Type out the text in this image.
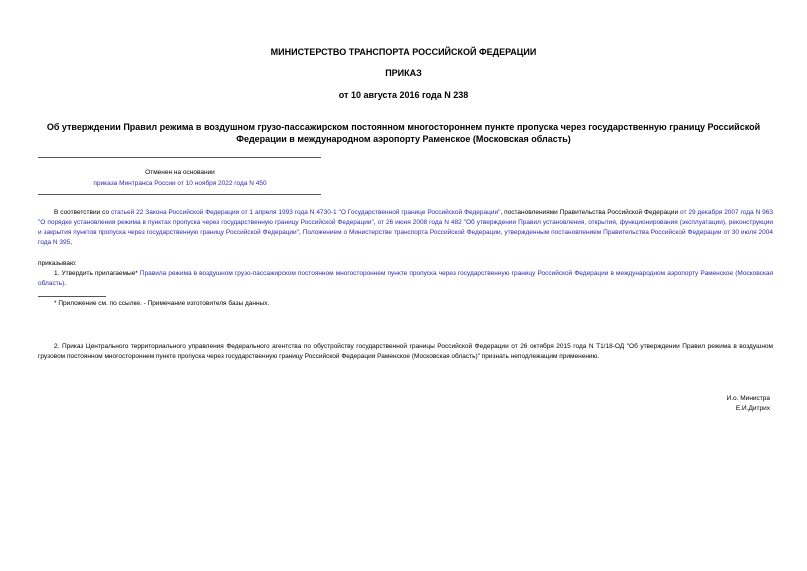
МИНИСТЕРСТВО ТРАНСПОРТА РОССИЙСКОЙ ФЕДЕРАЦИИ
ПРИКАЗ
от 10 августа 2016 года N 238
Об утверждении Правил режима в воздушном грузо-пассажирском постоянном многостороннем пункте пропуска через государственную границу Российской Федерации в международном аэропорту Раменское (Московская область)
Отменен на основании
приказа Минтранса России от 10 ноября 2022 года N 450
В соответствии со статьей 22 Закона Российской Федерации от 1 апреля 1993 года N 4730-1 "О Государственной границе Российской Федерации", постановлениями Правительства Российской Федерации от 29 декабря 2007 года N 963 "О порядке установления режима в пунктах пропуска через государственную границу Российской Федерации", от 26 июня 2008 года N 482 "Об утверждении Правил установления, открытия, функционирования (эксплуатации), реконструкции и закрытия пунктов пропуска через государственную границу Российской Федерации", Положением о Министерстве транспорта Российской Федерации, утвержденным постановлением Правительства Российской Федерации от 30 июля 2004 года N 395,
приказываю:
1. Утвердить прилагаемые* Правила режима в воздушном грузо-пассажирском постоянном многостороннем пункте пропуска через государственную границу Российской Федерации в международном аэропорту Раменское (Московская область).
* Приложение см. по ссылке. - Примечание изготовителя базы данных.
2. Приказ Центрального территориального управления Федерального агентства по обустройству государственной границы Российской Федерации от 26 октября 2015 года N Т1/18-ОД "Об утверждении Правил режима в воздушном грузовом постоянном многостороннем пункте пропуска через государственную границу Российской Федерации Раменское (Московская область)" признать неподлежащим применению.
И.о. Министра
Е.И.Дитрих
